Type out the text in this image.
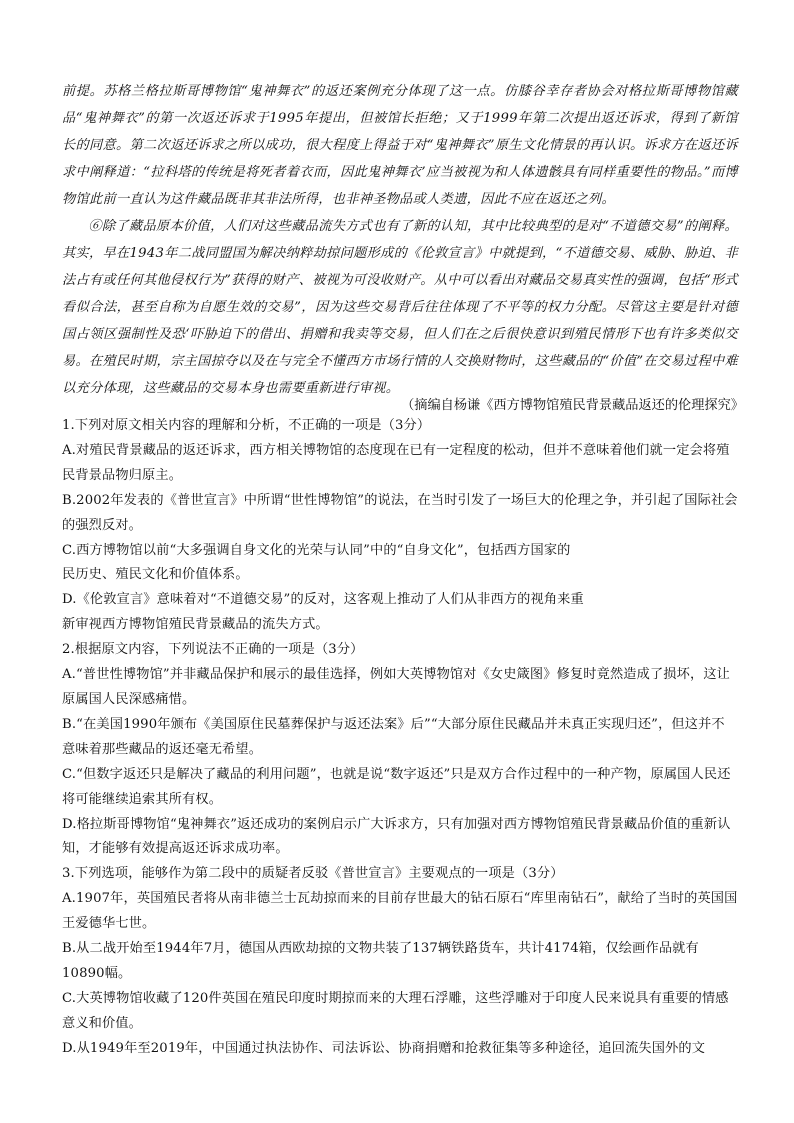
前提。苏格兰格拉斯哥博物馆“鬼神舞衣”的返还案例充分体现了这一点。仿膝谷幸存者协会对格拉斯哥博物馆藏品“鬼神舞衣”的第一次返还诉求于1995年提出，但被馆长拒绝；又于1999年第二次提出返还诉求，得到了新馆长的同意。第二次返还诉求之所以成功，很大程度上得益于对“鬼神舞衣”原生文化情景的再认识。诉求方在返还诉求中阐释道：“拉科塔的传统是将死者着衣而，因此鬼神舞衣’应当被视为和人体遗骸具有同样重要性的物品。”而博物馆此前一直认为这件藏品既非其非法所得，也非神圣物品或人类遗，因此不应在返还之列。

⑥除了藏品原本价值，人们对这些藏品流失方式也有了新的认知，其中比较典型的是对“不道德交易”的阐释。其实，早在1943年二战同盟国为解决纳粹劫掠问题形成的《伦敦宣言》中就提到，“不道德交易、威胁、胁迫、非法占有或任何其他侵权行为”获得的财产、被视为可没收财产。从中可以看出对藏品交易真实性的强调，包括“形式看似合法，甚至自称为自愿生效的交易”，因为这些交易背后往往体现了不平等的权力分配。尽管这主要是针对德国占领区强制性及恐‘吓胁迫下的借出、捐赠和我卖等交易，但人们在之后很快意识到殖民情形下也有许多类似交易。在殖民时期，宗主国掠夺以及在与完全不懂西方市场行情的人交换财物时，这些藏品的“价值”在交易过程中难以充分体现，这些藏品的交易本身也需要重新进行审视。

（摘编自杨谦《西方博物馆殖民背景藏品返还的伦理探究》

1.下列对原文相关内容的理解和分析，不正确的一项是（3分）

A.对殖民背景藏品的返还诉求，西方相关博物馆的态度现在已有一定程度的松动，但并不意味着他们就一定会将殖民背景品物归原主。

B.2002年发表的《普世宣言》中所谓“世性博物馆”的说法，在当时引发了一场巨大的伦理之争，并引起了国际社会的强烈反对。

C.西方博物馆以前“大多强调自身文化的光荣与认同”中的“自身文化”，包括西方国家的

民历史、殖民文化和价值体系。

D.《伦敦宣言》意味着对“不道德交易”的反对，这客观上推动了人们从非西方的视角来重

新审视西方博物馆殖民背景藏品的流失方式。

2.根据原文内容，下列说法不正确的一项是（3分）

A.“普世性博物馆”并非藏品保护和展示的最佳选择，例如大英博物馆对《女史箴图》修复时竟然造成了损坏，这让原属国人民深感痛惜。

B.“在美国1990年颁布《美国原住民墓葬保护与返还法案》后”“大部分原住民藏品并未真正实现归还”，但这并不意味着那些藏品的返还毫无希望。

C.“但数字返还只是解决了藏品的利用问题”，也就是说“数字返还”只是双方合作过程中的一种产物，原属国人民还将可能继续追索其所有权。

D.格拉斯哥博物馆“鬼神舞衣”返还成功的案例启示广大诉求方，只有加强对西方博物馆殖民背景藏品价值的重新认知，才能够有效提高返还诉求成功率。

3.下列选项，能够作为第二段中的质疑者反驳《普世宣言》主要观点的一项是（3分）

A.1907年，英国殖民者将从南非德兰士瓦劫掠而来的目前存世最大的钻石原石“库里南钻石”，献给了当时的英国国王爱德华七世。

B.从二战开始至1944年7月，德国从西欧劫掠的文物共装了137辆铁路货车，共计4174箱，仅绘画作品就有10890幅。

C.大英博物馆收藏了120件英国在殖民印度时期掠而来的大理石浮雕，这些浮雕对于印度人民来说具有重要的情感意义和价值。

D.从1949年至2019年，中国通过执法协作、司法诉讼、协商捐赠和抢救征集等多种途径，追回流失国外的文
